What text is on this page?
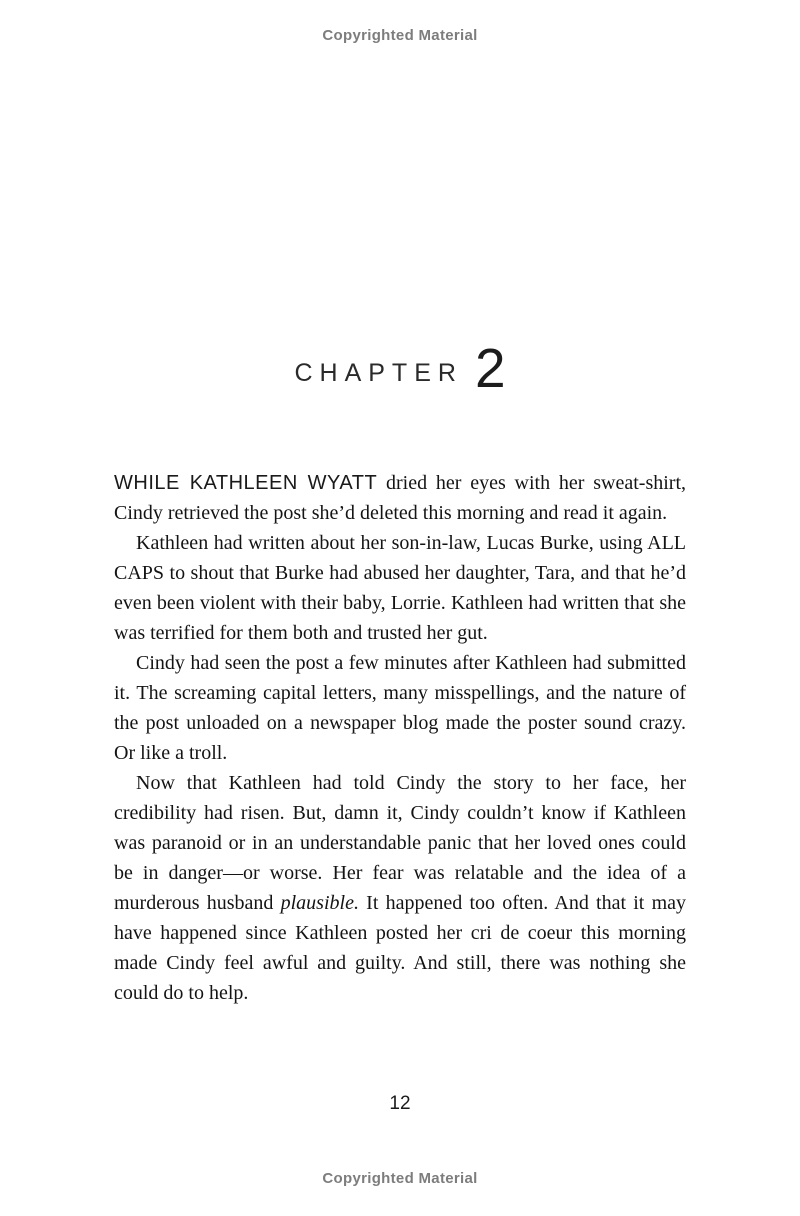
Copyrighted Material
CHAPTER 2

WHILE KATHLEEN WYATT dried her eyes with her sweat-shirt, Cindy retrieved the post she’d deleted this morning and read it again.

Kathleen had written about her son-in-law, Lucas Burke, using ALL CAPS to shout that Burke had abused her daughter, Tara, and that he’d even been violent with their baby, Lorrie. Kathleen had written that she was terrified for them both and trusted her gut.

Cindy had seen the post a few minutes after Kathleen had submitted it. The screaming capital letters, many misspellings, and the nature of the post unloaded on a newspaper blog made the poster sound crazy. Or like a troll.

Now that Kathleen had told Cindy the story to her face, her credibility had risen. But, damn it, Cindy couldn’t know if Kathleen was paranoid or in an understandable panic that her loved ones could be in danger—or worse. Her fear was relatable and the idea of a murderous husband plausible. It happened too often. And that it may have happened since Kathleen posted her cri de coeur this morning made Cindy feel awful and guilty. And still, there was nothing she could do to help.

12
Copyrighted Material
